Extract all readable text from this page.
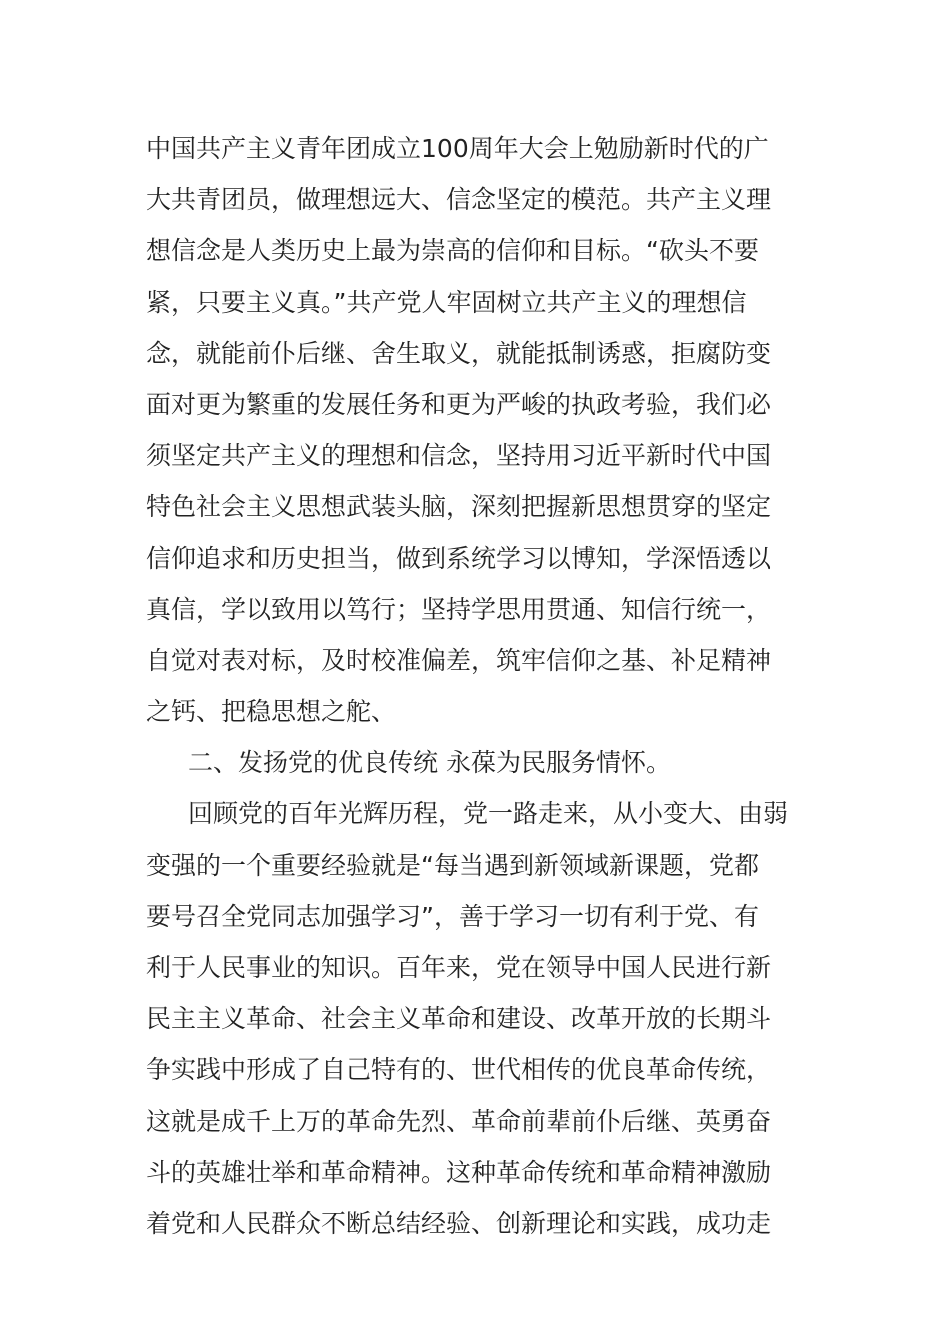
中国共产主义青年团成立100周年大会上勉励新时代的广
大共青团员，做理想远大、信念坚定的模范。共产主义理
想信念是人类历史上最为崇高的信仰和目标。“砍头不要
紧，只要主义真。”共产党人牢固树立共产主义的理想信
念，就能前仆后继、舍生取义，就能抵制诱惑，拒腐防变
面对更为繁重的发展任务和更为严峻的执政考验，我们必
须坚定共产主义的理想和信念，坚持用习近平新时代中国
特色社会主义思想武装头脑，深刻把握新思想贯穿的坚定
信仰追求和历史担当，做到系统学习以博知，学深悟透以
真信，学以致用以笃行；坚持学思用贯通、知信行统一，
自觉对表对标，及时校准偏差，筑牢信仰之基、补足精神
之钙、把稳思想之舵、
二、发扬党的优良传统 永葆为民服务情怀。
回顾党的百年光辉历程，党一路走来，从小变大、由弱
变强的一个重要经验就是“每当遇到新领域新课题，党都
要号召全党同志加强学习”，善于学习一切有利于党、有
利于人民事业的知识。百年来，党在领导中国人民进行新
民主主义革命、社会主义革命和建设、改革开放的长期斗
争实践中形成了自己特有的、世代相传的优良革命传统，
这就是成千上万的革命先烈、革命前辈前仆后继、英勇奋
斗的英雄壮举和革命精神。这种革命传统和革命精神激励
着党和人民群众不断总结经验、创新理论和实践，成功走
